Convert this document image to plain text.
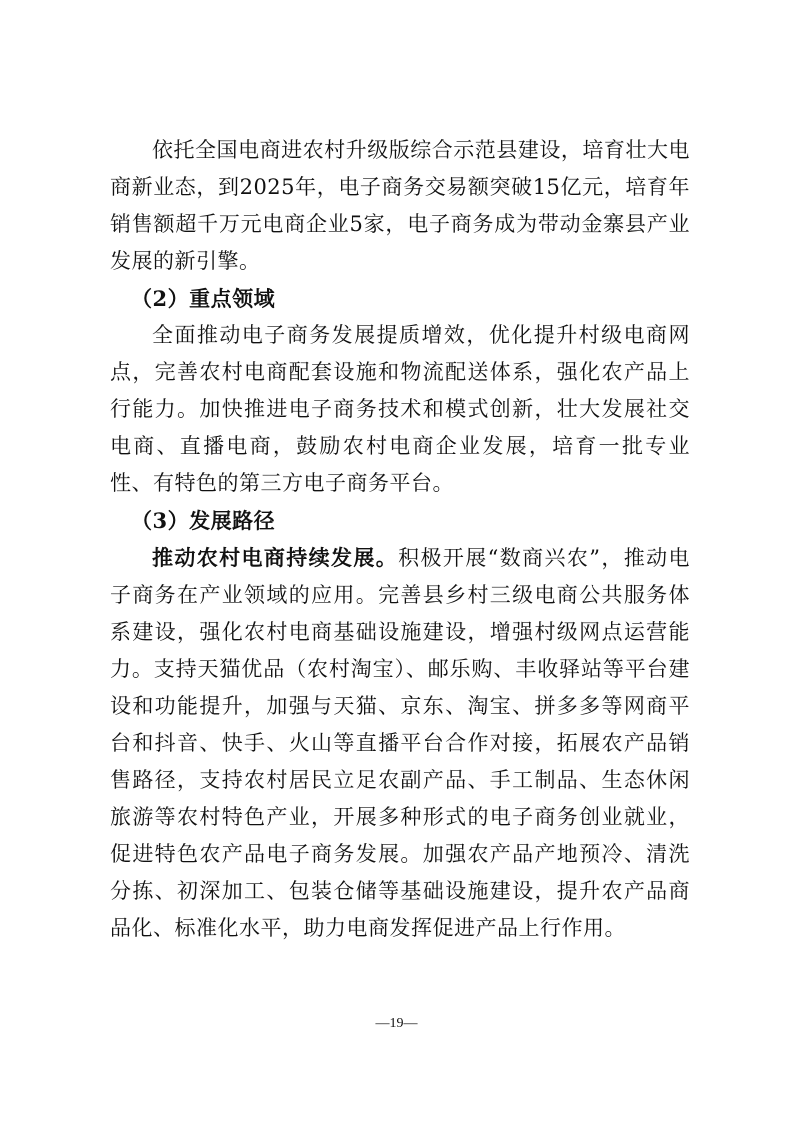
依托全国电商进农村升级版综合示范县建设，培育壮大电商新业态，到2025年，电子商务交易额突破15亿元，培育年销售额超千万元电商企业5家，电子商务成为带动金寨县产业发展的新引擎。

（2）重点领域

全面推动电子商务发展提质增效，优化提升村级电商网点，完善农村电商配套设施和物流配送体系，强化农产品上行能力。加快推进电子商务技术和模式创新，壮大发展社交电商、直播电商，鼓励农村电商企业发展，培育一批专业性、有特色的第三方电子商务平台。

（3）发展路径

推动农村电商持续发展。积极开展“数商兴农”，推动电子商务在产业领域的应用。完善县乡村三级电商公共服务体系建设，强化农村电商基础设施建设，增强村级网点运营能力。支持天猫优品（农村淘宝）、邮乐购、丰收驿站等平台建设和功能提升，加强与天猫、京东、淘宝、拼多多等网商平台和抖音、快手、火山等直播平台合作对接，拓展农产品销售路径，支持农村居民立足农副产品、手工制品、生态休闲旅游等农村特色产业，开展多种形式的电子商务创业就业，促进特色农产品电子商务发展。加强农产品产地预冷、清洗分拣、初深加工、包装仓储等基础设施建设，提升农产品商品化、标准化水平，助力电商发挥促进产品上行作用。

—19—
